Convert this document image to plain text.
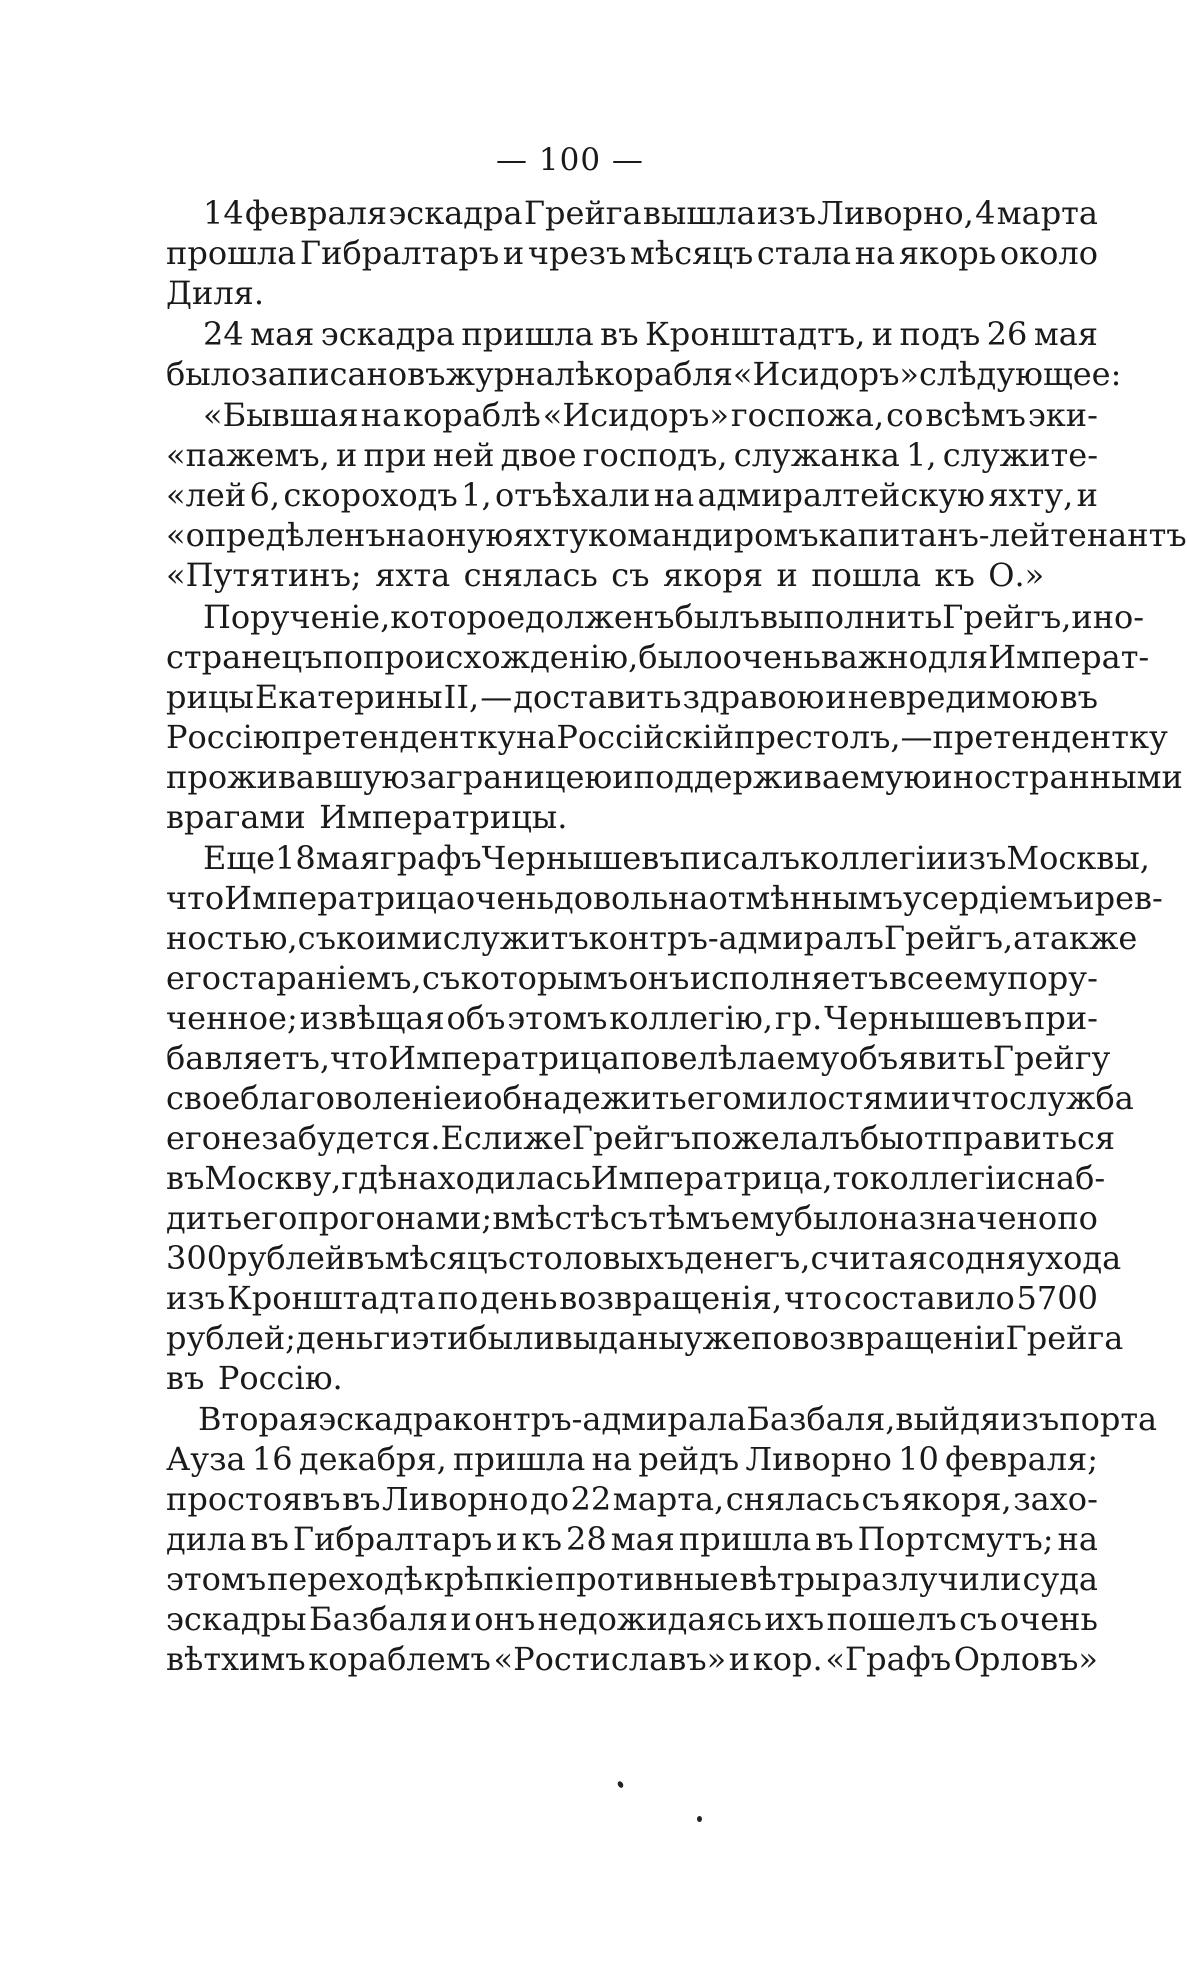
— 100 —
14 февраля эскадра Грейга вышла изъ Ливорно, 4 марта
прошла Гибралтаръ и чрезъ мѣсяцъ стала на якорь около
Диля.
24 мая эскадра пришла въ Кронштадтъ, и подъ 26 мая
было записано въ журналѣ корабля «Исидоръ» слѣдующее:
«Бывшая на кораблѣ «Исидоръ» госпожа, со всѣмъ эки-
«пажемъ, и при ней двое господъ, служанка 1, служите-
«лей 6, скороходъ 1, отъѣхали на адмиралтейскую яхту, и
«опредѣленъ на оную яхту командиромъ капитанъ-лейтенантъ
«Путятинъ; яхта снялась съ якоря и пошла къ О.»
Порученіе, которое долженъ былъ выполнить Грейгъ, ино-
странецъ по происхожденію, было очень важно для Императ-
рицы Екатерины II, — доставить здравою и невредимою въ
Россію претендентку на Россійскій престолъ, — претендентку
проживавшую заграницею и поддерживаемую иностранными
врагами Императрицы.
Еще 18 мая графъ Чернышевъ писалъ коллегіи изъ Москвы,
что Императрица очень довольна отмѣннымъ усердіемъ и рев-
ностью, съ коими служитъ контръ-адмиралъ Грейгъ, а также
его стараніемъ, съ которымъ онъ исполняетъ все ему пору-
ченное; извѣщая объ этомъ коллегію, гр. Чернышевъ при-
бавляетъ, что Императрица повелѣла ему объявить Грейгу
свое благоволеніе и обнадежить его милостями и что служба
его не забудется. Если же Грейгъ пожелалъ бы отправиться
въ Москву, гдѣ находилась Императрица, то коллегіи снаб-
дить его прогонами; вмѣстѣ съ тѣмъ ему было назначено по
300 рублей въ мѣсяцъ столовыхъ денегъ, считая со дня ухода
изъ Кронштадта по день возвращенія, что составило 5700
рублей; деньги эти были выданы уже по возвращеніи Грейга
въ Россію.
Вторая эскадра контръ-адмирала Базбаля, выйдя изъ порта
Ауза 16 декабря, пришла на рейдъ Ливорно 10 февраля;
простоявъ въ Ливорно до 22 марта, снялась съ якоря, захо-
дила въ Гибралтаръ и къ 28 мая пришла въ Портсмутъ; на
этомъ переходѣ крѣпкіе противные вѣтры разлучили суда
эскадры Базбаля и онъ недожидаясь ихъ пошелъ съ очень
вѣтхимъ кораблемъ «Ростиславъ» и кор. «Графъ Орловъ»
